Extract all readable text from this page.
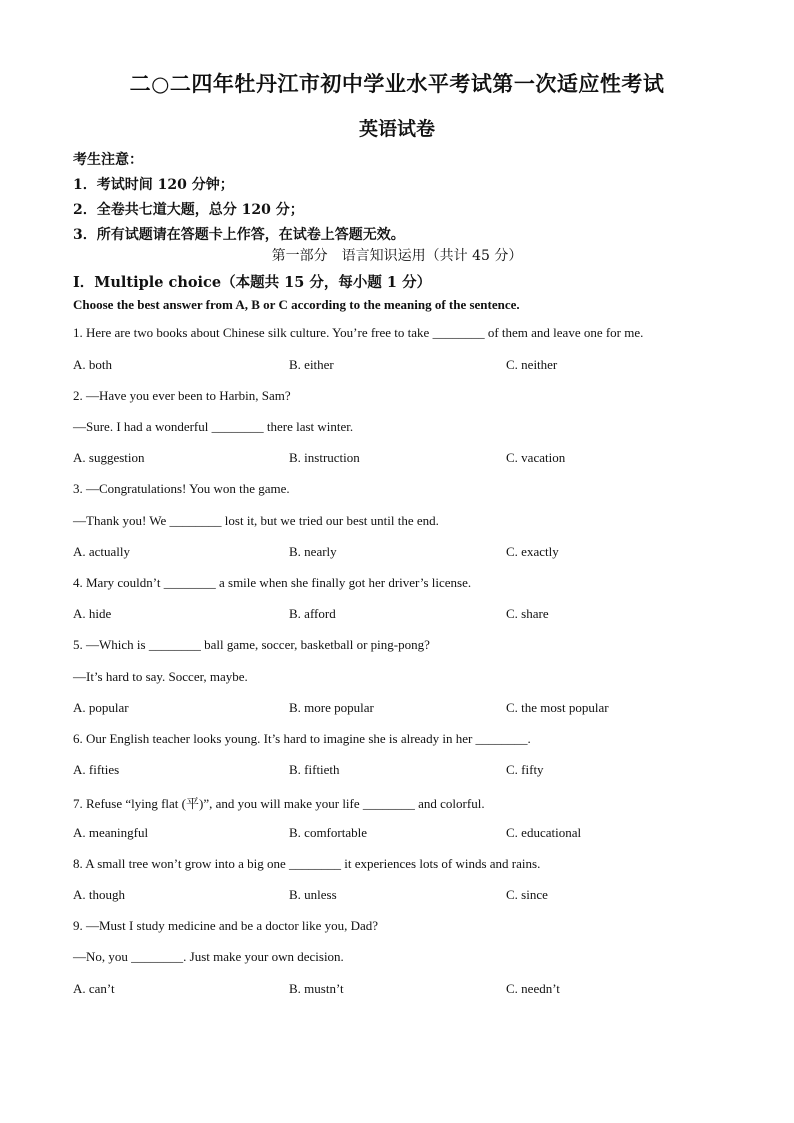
二○二四年牡丹江市初中学业水平考试第一次适应性考试
英语试卷
考生注意：
1．考试时间 120 分钟；
2．全卷共七道大题，总分 120 分；
3．所有试题请在答题卡上作答，在试卷上答题无效。
第一部分　语言知识运用（共计 45 分）
Ⅰ．Multiple choice（本题共 15 分，每小题 1 分）
Choose the best answer from A, B or C according to the meaning of the sentence.
1. Here are two books about Chinese silk culture. You’re free to take ________ of them and leave one for me.
A. both	B. either	C. neither
2. —Have you ever been to Harbin, Sam?
—Sure. I had a wonderful ________ there last winter.
A. suggestion	B. instruction	C. vacation
3. —Congratulations! You won the game.
—Thank you! We ________ lost it, but we tried our best until the end.
A. actually	B. nearly	C. exactly
4. Mary couldn’t ________ a smile when she finally got her driver’s license.
A. hide	B. afford	C. share
5. —Which is ________ ball game, soccer, basketball or ping-pong?
—It’s hard to say. Soccer, maybe.
A. popular	B. more popular	C. the most popular
6. Our English teacher looks young. It’s hard to imagine she is already in her ________.
A. fifties	B. fiftieth	C. fifty
7. Refuse “lying flat (平)”, and you will make your life ________ and colorful.
A. meaningful	B. comfortable	C. educational
8. A small tree won’t grow into a big one ________ it experiences lots of winds and rains.
A. though	B. unless	C. since
9. —Must I study medicine and be a doctor like you, Dad?
—No, you ________. Just make your own decision.
A. can’t	B. mustn’t	C. needn’t
